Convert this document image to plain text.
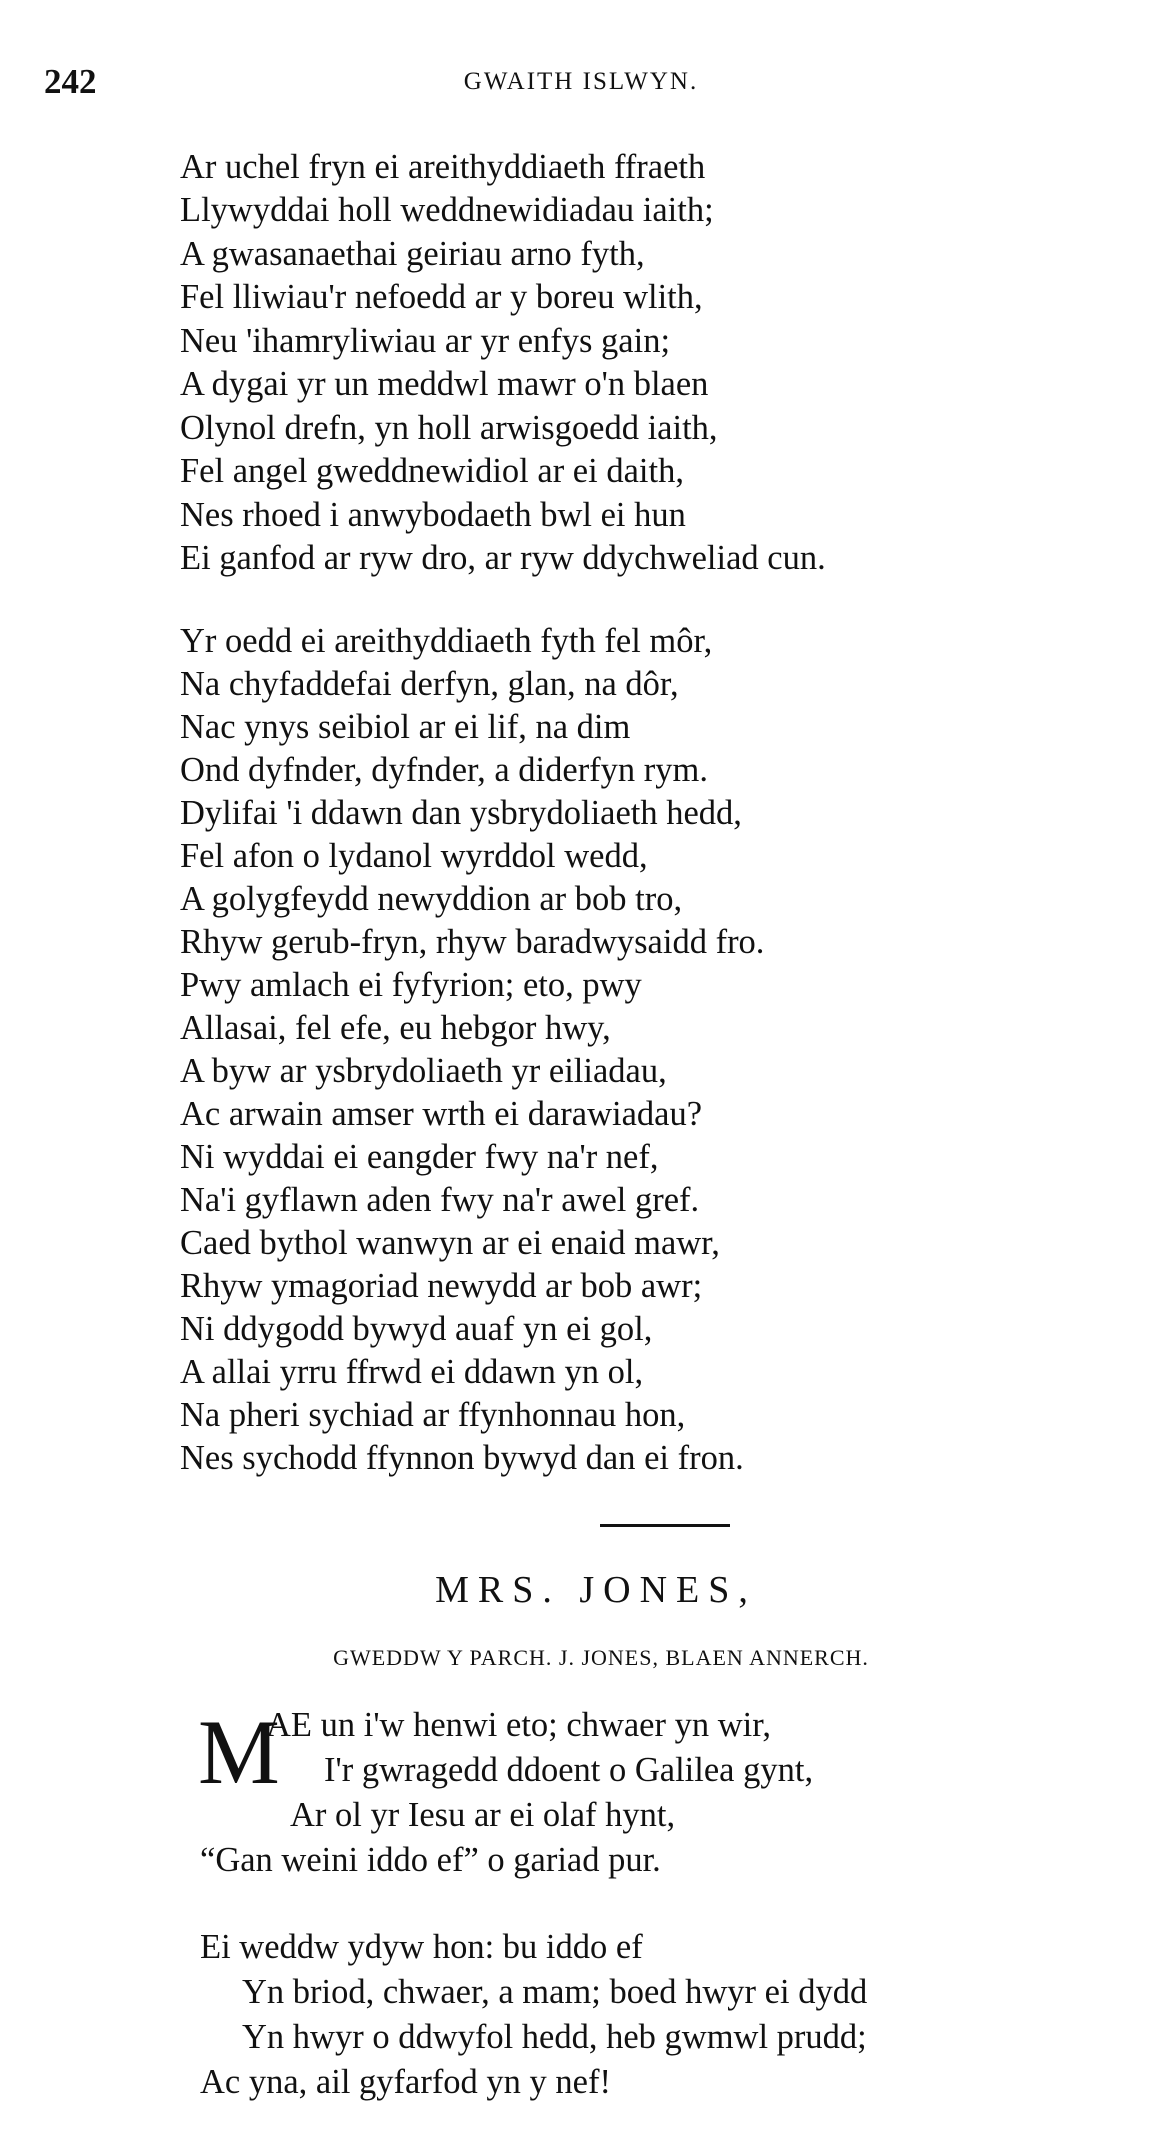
242	GWAITH ISLWYN.
Ar uchel fryn ei areithyddiaeth ffraeth
Llywyddai holl weddnewidiadau iaith;
A gwasanaethai geiriau arno fyth,
Fel lliwiau'r nefoedd ar y boreu wlith,
Neu 'ihamryliwiau ar yr enfys gain;
A dygai yr un meddwl mawr o'n blaen
Olynol drefn, yn holl arwisgoedd iaith,
Fel angel gweddnewidiol ar ei daith,
Nes rhoed i anwybodaeth bwl ei hun
Ei ganfod ar ryw dro, ar ryw ddychweliad cun.
Yr oedd ei areithyddiaeth fyth fel môr,
Na chyfaddefai derfyn, glan, na dôr,
Nac ynys seibiol ar ei lif, na dim
Ond dyfnder, dyfnder, a diderfyn rym.
Dylifai 'i ddawn dan ysbrydoliaeth hedd,
Fel afon o lydanol wyrddol wedd,
A golygfeydd newyddion ar bob tro,
Rhyw gerub-fryn, rhyw baradwysaidd fro.
Pwy amlach ei fyfyrion; eto, pwy
Allasai, fel efe, eu hebgor hwy,
A byw ar ysbrydoliaeth yr eiliadau,
Ac arwain amser wrth ei darawiadau?
Ni wyddai ei eangder fwy na'r nef,
Na'i gyflawn aden fwy na'r awel gref.
Caed bythol wanwyn ar ei enaid mawr,
Rhyw ymagoriad newydd ar bob awr;
Ni ddygodd bywyd auaf yn ei gol,
A allai yrru ffrwd ei ddawn yn ol,
Na pheri sychiad ar ffynhonnau hon,
Nes sychodd ffynnon bywyd dan ei fron.
MRS. JONES,
GWEDDW Y PARCH. J. JONES, BLAEN ANNERCH.
M
AE un i'w henwi eto; chwaer yn wir,
I'r gwragedd ddoent o Galilea gynt,
Ar ol yr Iesu ar ei olaf hynt,
“Gan weini iddo ef” o gariad pur.
Ei weddw ydyw hon: bu iddo ef
Yn briod, chwaer, a mam; boed hwyr ei dydd
Yn hwyr o ddwyfol hedd, heb gwmwl prudd;
Ac yna, ail gyfarfod yn y nef!
